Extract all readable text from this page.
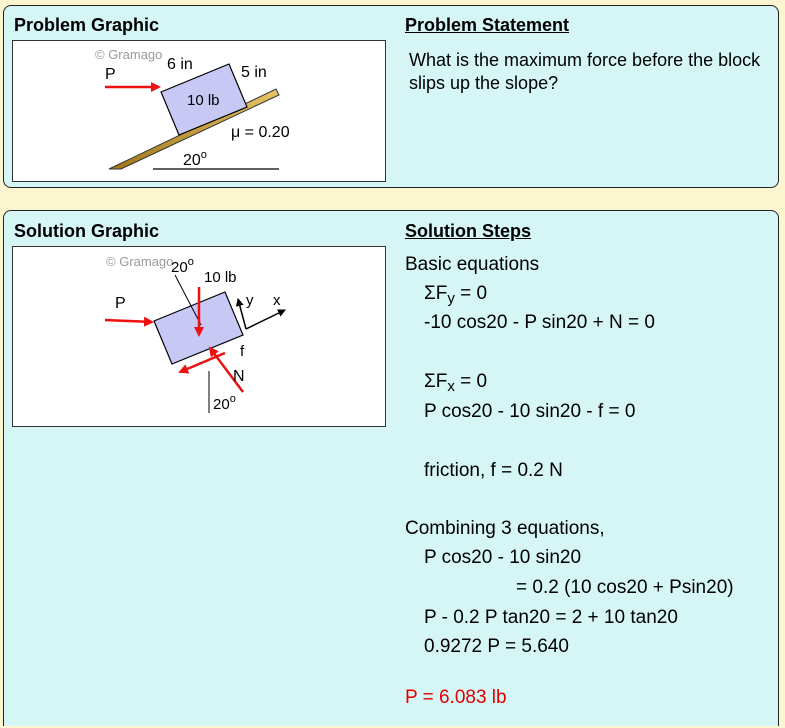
Problem Graphic	Problem Statement
© Gramago
P
6 in	5 in
10 lb
μ = 0.20
20$^o$
What is the maximum force before the block slips up the slope?
Solution Graphic	Solution Steps
© Gramago
20$^o$
10 lb
P	y x
f
N
20$^o$
Basic equations
$\Sigma F_y = 0$
-10 cos20 - P sin20 + N = 0
$\Sigma F_x = 0$
P cos20 - 10 sin20 - f = 0
friction, f = 0.2 N
Combining 3 equations,
P cos20 - 10 sin20
= 0.2 (10 cos20 + Psin20)
P - 0.2 P tan20 = 2 + 10 tan20
0.9272 P = 5.640
P = 6.083 lb
